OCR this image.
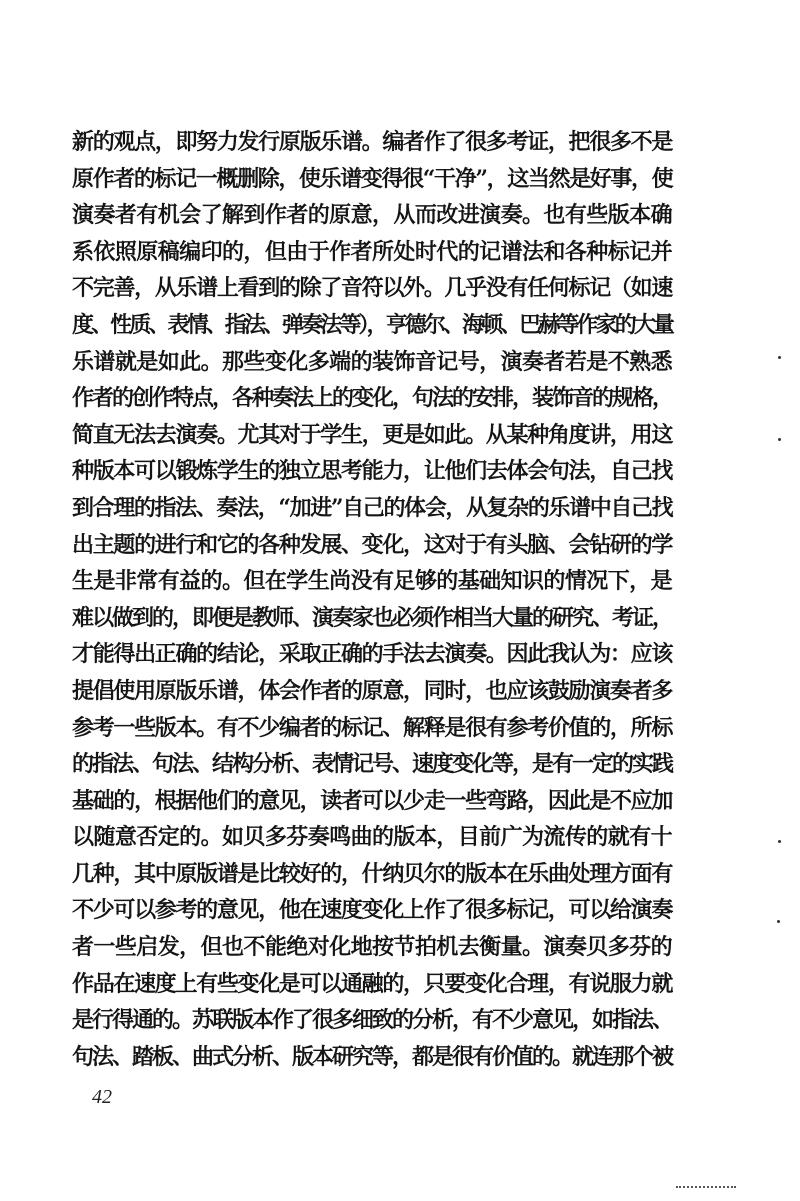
新的观点，即努力发行原版乐谱。编者作了很多考证，把很多不是
原作者的标记一概删除，使乐谱变得很“干净”，这当然是好事，使
演奏者有机会了解到作者的原意，从而改进演奏。也有些版本确
系依照原稿编印的，但由于作者所处时代的记谱法和各种标记并
不完善，从乐谱上看到的除了音符以外。几乎没有任何标记（如速
度、性质、表情、指法、弹奏法等），亨德尔、海顿、巴赫等作家的大量
乐谱就是如此。那些变化多端的装饰音记号，演奏者若是不熟悉
作者的创作特点，各种奏法上的变化，句法的安排，装饰音的规格，
简直无法去演奏。尤其对于学生，更是如此。从某种角度讲，用这
种版本可以锻炼学生的独立思考能力，让他们去体会句法，自己找
到合理的指法、奏法，“加进”自己的体会，从复杂的乐谱中自己找
出主题的进行和它的各种发展、变化，这对于有头脑、会钻研的学
生是非常有益的。但在学生尚没有足够的基础知识的情况下，是
难以做到的，即便是教师、演奏家也必须作相当大量的研究、考证，
才能得出正确的结论，采取正确的手法去演奏。因此我认为：应该
提倡使用原版乐谱，体会作者的原意，同时，也应该鼓励演奏者多
参考一些版本。有不少编者的标记、解释是很有参考价值的，所标
的指法、句法、结构分析、表情记号、速度变化等，是有一定的实践
基础的，根据他们的意见，读者可以少走一些弯路，因此是不应加
以随意否定的。如贝多芬奏鸣曲的版本，目前广为流传的就有十
几种，其中原版谱是比较好的，什纳贝尔的版本在乐曲处理方面有
不少可以参考的意见，他在速度变化上作了很多标记，可以给演奏
者一些启发，但也不能绝对化地按节拍机去衡量。演奏贝多芬的
作品在速度上有些变化是可以通融的，只要变化合理，有说服力就
是行得通的。苏联版本作了很多细致的分析，有不少意见，如指法、
句法、踏板、曲式分析、版本研究等，都是很有价值的。就连那个被
42
